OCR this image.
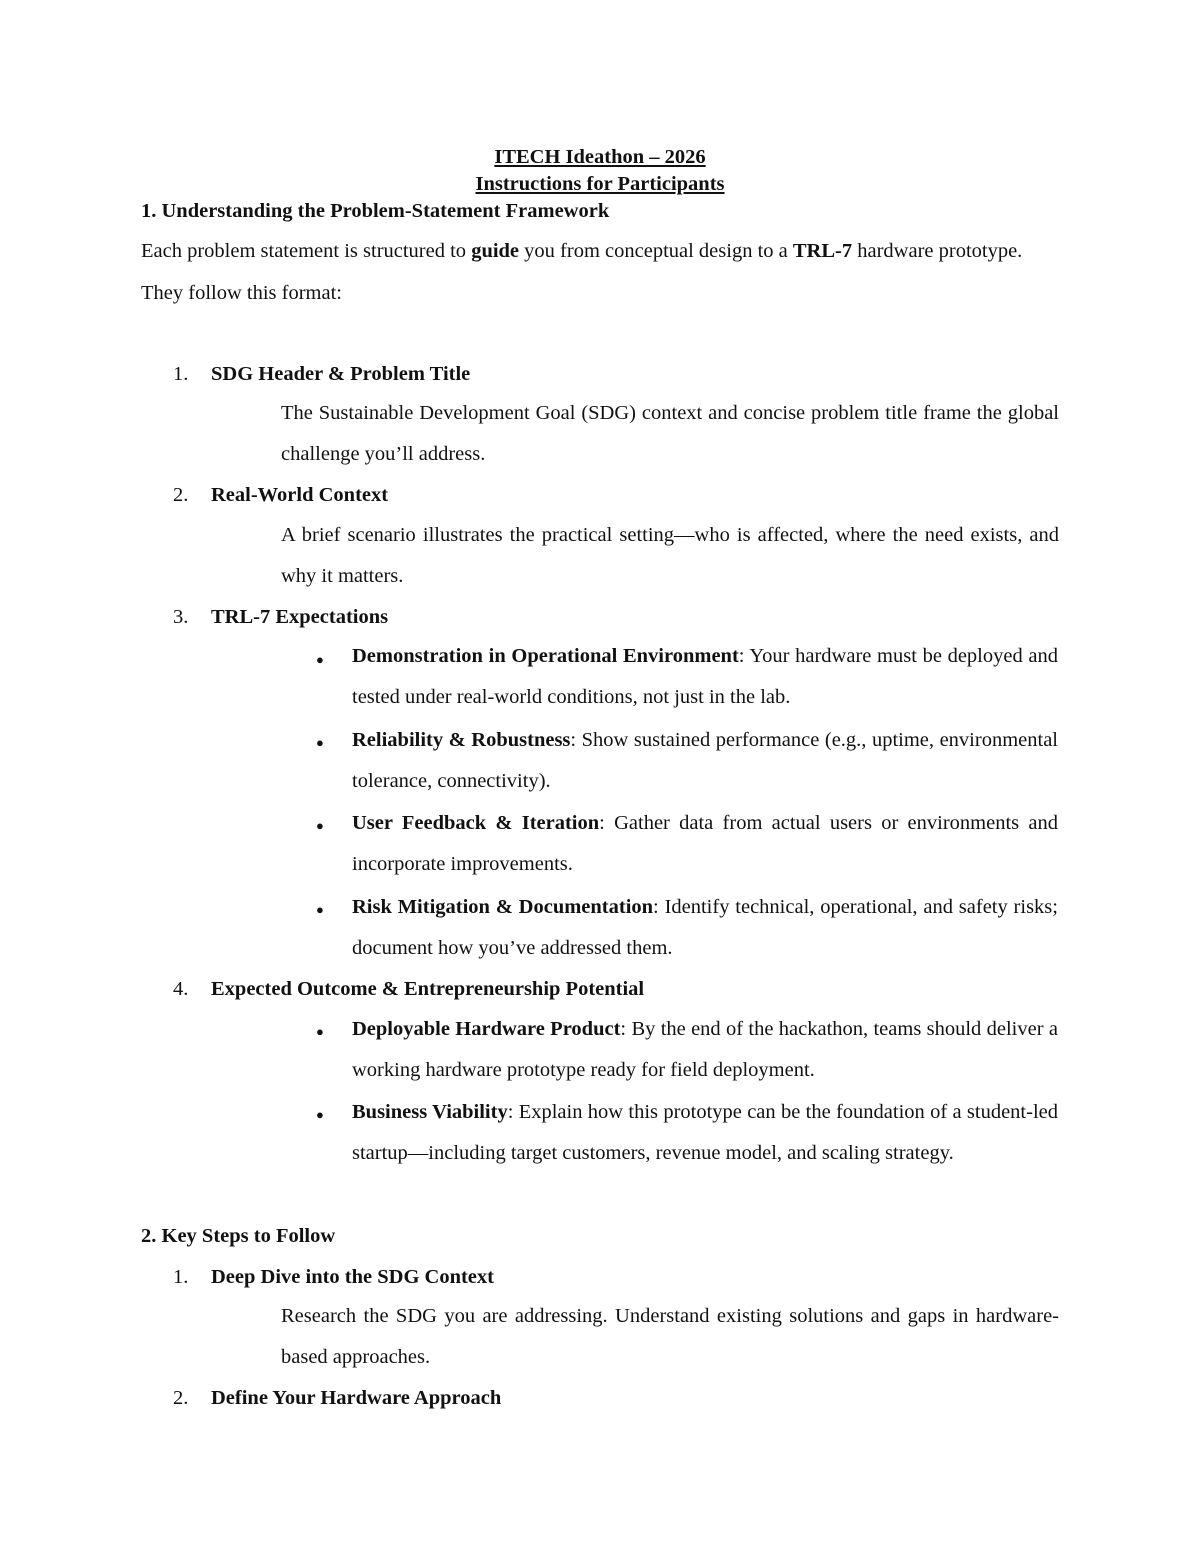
ITECH Ideathon – 2026
Instructions for Participants
1. Understanding the Problem-Statement Framework
Each problem statement is structured to guide you from conceptual design to a TRL-7 hardware prototype. They follow this format:
1. SDG Header & Problem Title
The Sustainable Development Goal (SDG) context and concise problem title frame the global challenge you’ll address.
2. Real-World Context
A brief scenario illustrates the practical setting—who is affected, where the need exists, and why it matters.
3. TRL-7 Expectations
● Demonstration in Operational Environment: Your hardware must be deployed and tested under real-world conditions, not just in the lab.
● Reliability & Robustness: Show sustained performance (e.g., uptime, environmental tolerance, connectivity).
● User Feedback & Iteration: Gather data from actual users or environments and incorporate improvements.
● Risk Mitigation & Documentation: Identify technical, operational, and safety risks; document how you’ve addressed them.
4. Expected Outcome & Entrepreneurship Potential
● Deployable Hardware Product: By the end of the hackathon, teams should deliver a working hardware prototype ready for field deployment.
● Business Viability: Explain how this prototype can be the foundation of a student-led startup—including target customers, revenue model, and scaling strategy.
2. Key Steps to Follow
1. Deep Dive into the SDG Context
Research the SDG you are addressing. Understand existing solutions and gaps in hardware-based approaches.
2. Define Your Hardware Approach
